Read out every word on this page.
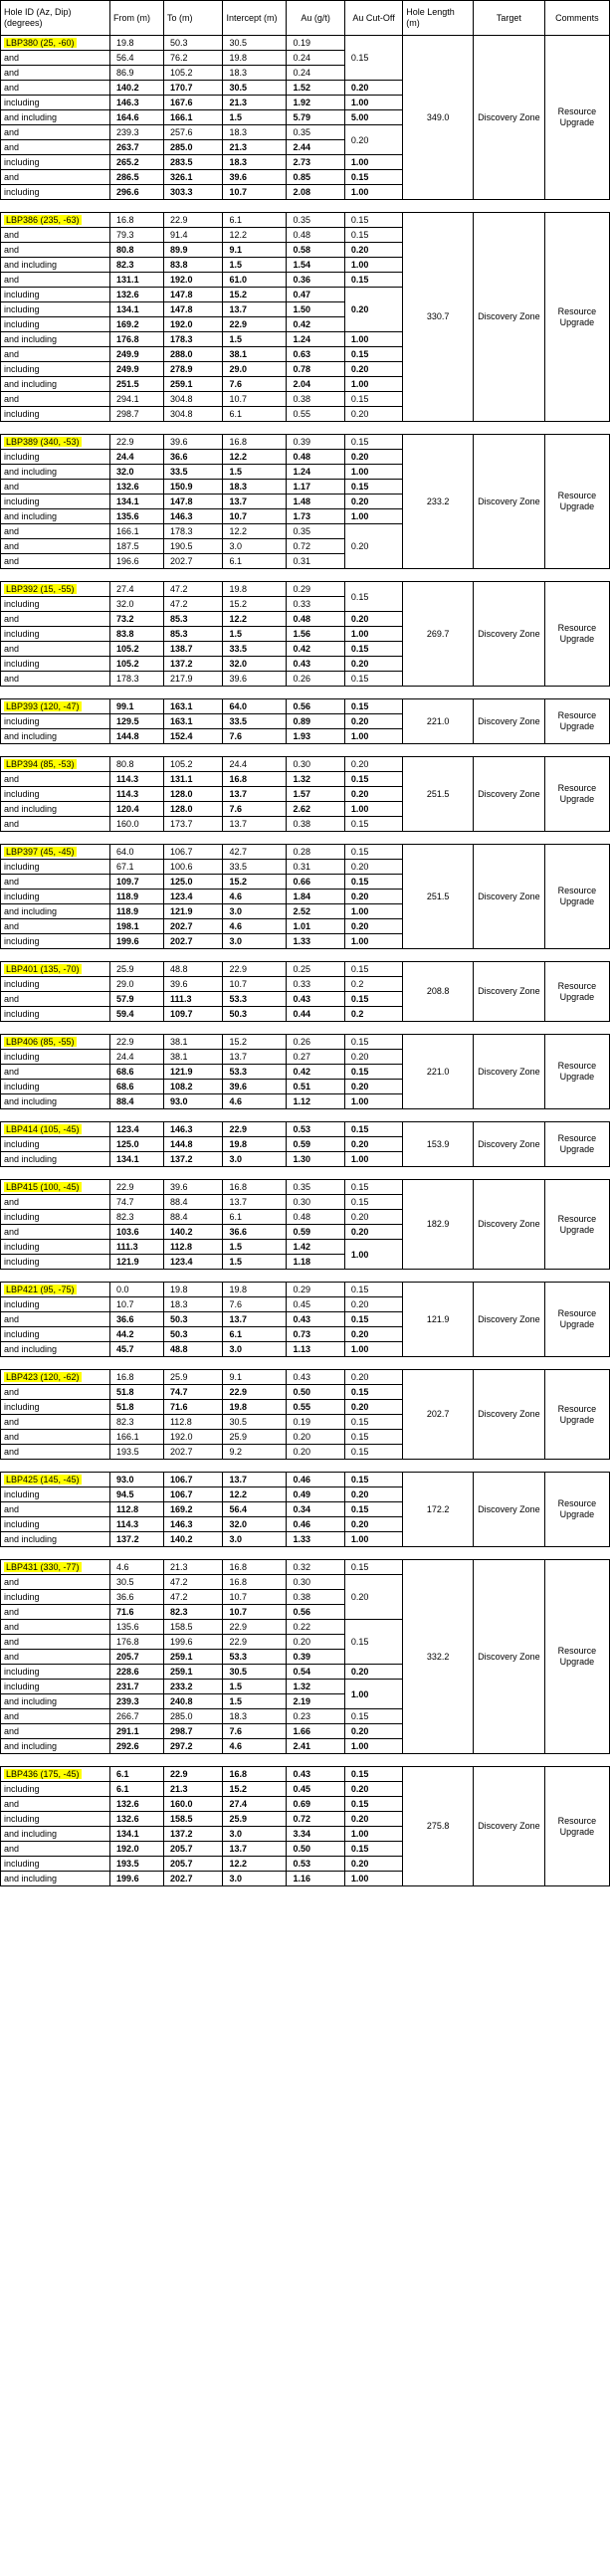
Hole ID (Az, Dip) (degrees)	From (m)	To (m)	Intercept (m)	Au (g/t)	Au Cut-Off	Hole Length (m)	Target	Comments
LBP380 (25, -60)	19.8	50.3	30.5	0.19	0.15	349.0	Discovery Zone	Resource Upgrade
and	56.4	76.2	19.8	0.24				
and	86.9	105.2	18.3	0.24				
and	140.2	170.7	30.5	1.52	0.20			
including	146.3	167.6	21.3	1.92	1.00			
and including	164.6	166.1	1.5	5.79	5.00			
and	239.3	257.6	18.3	0.35	0.20			
and	263.7	285.0	21.3	2.44				
including	265.2	283.5	18.3	2.73	1.00			
and	286.5	326.1	39.6	0.85	0.15			
including	296.6	303.3	10.7	2.08	1.00			

LBP386 (235, -63)	16.8	22.9	6.1	0.35	0.15	330.7	Discovery Zone	Resource Upgrade
and	79.3	91.4	12.2	0.48	0.15			
and	80.8	89.9	9.1	0.58	0.20			
and including	82.3	83.8	1.5	1.54	1.00			
and	131.1	192.0	61.0	0.36	0.15			
including	132.6	147.8	15.2	0.47	0.20			
including	134.1	147.8	13.7	1.50				
including	169.2	192.0	22.9	0.42				
and including	176.8	178.3	1.5	1.24	1.00			
and	249.9	288.0	38.1	0.63	0.15			
including	249.9	278.9	29.0	0.78	0.20			
and including	251.5	259.1	7.6	2.04	1.00			
and	294.1	304.8	10.7	0.38	0.15			
including	298.7	304.8	6.1	0.55	0.20			

LBP389 (340, -53)	22.9	39.6	16.8	0.39	0.15	233.2	Discovery Zone	Resource Upgrade
including	24.4	36.6	12.2	0.48	0.20			
and including	32.0	33.5	1.5	1.24	1.00			
and	132.6	150.9	18.3	1.17	0.15			
including	134.1	147.8	13.7	1.48	0.20			
and including	135.6	146.3	10.7	1.73	1.00			
and	166.1	178.3	12.2	0.35	0.20			
and	187.5	190.5	3.0	0.72				
and	196.6	202.7	6.1	0.31				

LBP392 (15, -55)	27.4	47.2	19.8	0.29	0.15	269.7	Discovery Zone	Resource Upgrade
including	32.0	47.2	15.2	0.33				
and	73.2	85.3	12.2	0.48	0.20			
including	83.8	85.3	1.5	1.56	1.00			
and	105.2	138.7	33.5	0.42	0.15			
including	105.2	137.2	32.0	0.43	0.20			
and	178.3	217.9	39.6	0.26	0.15			

LBP393 (120, -47)	99.1	163.1	64.0	0.56	0.15	221.0	Discovery Zone	Resource Upgrade
including	129.5	163.1	33.5	0.89	0.20			
and including	144.8	152.4	7.6	1.93	1.00			

LBP394 (85, -53)	80.8	105.2	24.4	0.30	0.20	251.5	Discovery Zone	Resource Upgrade
and	114.3	131.1	16.8	1.32	0.15			
including	114.3	128.0	13.7	1.57	0.20			
and including	120.4	128.0	7.6	2.62	1.00			
and	160.0	173.7	13.7	0.38	0.15			

LBP397 (45, -45)	64.0	106.7	42.7	0.28	0.15	251.5	Discovery Zone	Resource Upgrade
including	67.1	100.6	33.5	0.31	0.20			
and	109.7	125.0	15.2	0.66	0.15			
including	118.9	123.4	4.6	1.84	0.20			
and including	118.9	121.9	3.0	2.52	1.00			
and	198.1	202.7	4.6	1.01	0.20			
including	199.6	202.7	3.0	1.33	1.00			

LBP401 (135, -70)	25.9	48.8	22.9	0.25	0.15	208.8	Discovery Zone	Resource Upgrade
including	29.0	39.6	10.7	0.33	0.2			
and	57.9	111.3	53.3	0.43	0.15			
including	59.4	109.7	50.3	0.44	0.2			

LBP406 (85, -55)	22.9	38.1	15.2	0.26	0.15	221.0	Discovery Zone	Resource Upgrade
including	24.4	38.1	13.7	0.27	0.20			
and	68.6	121.9	53.3	0.42	0.15			
including	68.6	108.2	39.6	0.51	0.20			
and including	88.4	93.0	4.6	1.12	1.00			

LBP414 (105, -45)	123.4	146.3	22.9	0.53	0.15	153.9	Discovery Zone	Resource Upgrade
including	125.0	144.8	19.8	0.59	0.20			
and including	134.1	137.2	3.0	1.30	1.00			

LBP415 (100, -45)	22.9	39.6	16.8	0.35	0.15	182.9	Discovery Zone	Resource Upgrade
and	74.7	88.4	13.7	0.30	0.15			
including	82.3	88.4	6.1	0.48	0.20			
and	103.6	140.2	36.6	0.59	0.20			
including	111.3	112.8	1.5	1.42	1.00			
including	121.9	123.4	1.5	1.18				

LBP421 (95, -75)	0.0	19.8	19.8	0.29	0.15	121.9	Discovery Zone	Resource Upgrade
including	10.7	18.3	7.6	0.45	0.20			
and	36.6	50.3	13.7	0.43	0.15			
including	44.2	50.3	6.1	0.73	0.20			
and including	45.7	48.8	3.0	1.13	1.00			

LBP423 (120, -62)	16.8	25.9	9.1	0.43	0.20	202.7	Discovery Zone	Resource Upgrade
and	51.8	74.7	22.9	0.50	0.15			
including	51.8	71.6	19.8	0.55	0.20			
and	82.3	112.8	30.5	0.19	0.15			
and	166.1	192.0	25.9	0.20	0.15			
and	193.5	202.7	9.2	0.20	0.15			

LBP425 (145, -45)	93.0	106.7	13.7	0.46	0.15	172.2	Discovery Zone	Resource Upgrade
including	94.5	106.7	12.2	0.49	0.20			
and	112.8	169.2	56.4	0.34	0.15			
including	114.3	146.3	32.0	0.46	0.20			
and including	137.2	140.2	3.0	1.33	1.00			

LBP431 (330, -77)	4.6	21.3	16.8	0.32	0.15	332.2	Discovery Zone	Resource Upgrade
and	30.5	47.2	16.8	0.30	0.20			
including	36.6	47.2	10.7	0.38				
and	71.6	82.3	10.7	0.56				
and	135.6	158.5	22.9	0.22	0.15			
and	176.8	199.6	22.9	0.20				
and	205.7	259.1	53.3	0.39				
including	228.6	259.1	30.5	0.54	0.20			
including	231.7	233.2	1.5	1.32	1.00			
and including	239.3	240.8	1.5	2.19				
and	266.7	285.0	18.3	0.23	0.15			
and	291.1	298.7	7.6	1.66	0.20			
and including	292.6	297.2	4.6	2.41	1.00			

LBP436 (175, -45)	6.1	22.9	16.8	0.43	0.15	275.8	Discovery Zone	Resource Upgrade
including	6.1	21.3	15.2	0.45	0.20			
and	132.6	160.0	27.4	0.69	0.15			
including	132.6	158.5	25.9	0.72	0.20			
and including	134.1	137.2	3.0	3.34	1.00			
and	192.0	205.7	13.7	0.50	0.15			
including	193.5	205.7	12.2	0.53	0.20			
and including	199.6	202.7	3.0	1.16	1.00			
